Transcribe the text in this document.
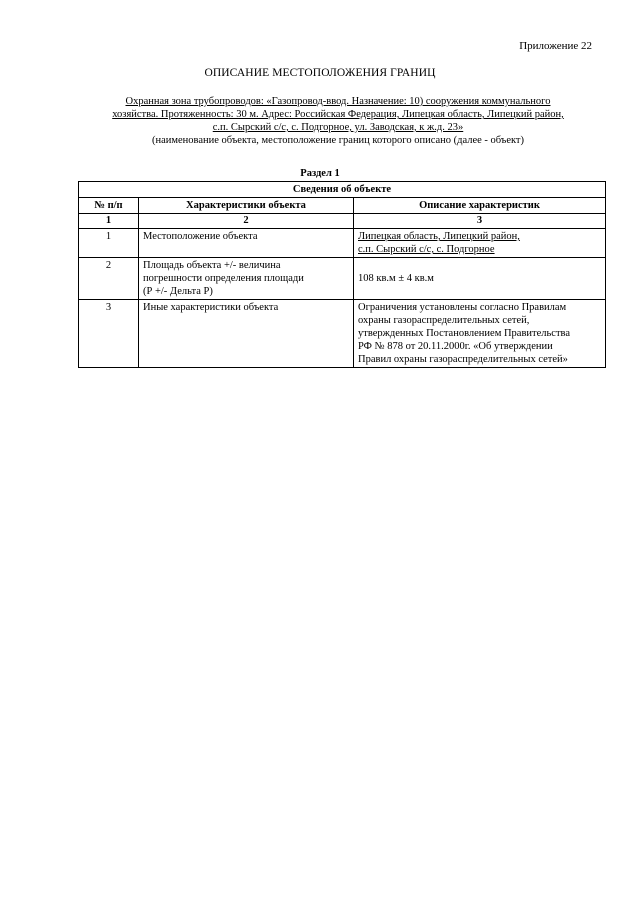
Приложение 22
ОПИСАНИЕ МЕСТОПОЛОЖЕНИЯ ГРАНИЦ
Охранная зона трубопроводов: «Газопровод-ввод. Назначение: 10) сооружения коммунального
хозяйства. Протяженность: 30 м. Адрес: Российская Федерация, Липецкая область, Липецкий район,
с.п. Сырский с/с, с. Подгорное, ул. Заводская, к ж.д. 23»
(наименование объекта, местоположение границ которого описано (далее - объект)
Раздел 1
Сведения об объекте		
№ п/п	Характеристики объекта	Описание характеристик
1	2	3
1	Местоположение объекта	Липецкая область, Липецкий район,
с.п. Сырский с/с, с. Подгорное

2	Площадь объекта +/- величина
погрешности определения площади
(Р +/- Дельта Р)	108 кв.м ± 4 кв.м
3	Иные характеристики объекта	Ограничения установлены согласно Правилам
охраны газораспределительных сетей,
утвержденных Постановлением Правительства
РФ № 878 от 20.11.2000г. «Об утверждении
Правил охраны газораспределительных сетей»
